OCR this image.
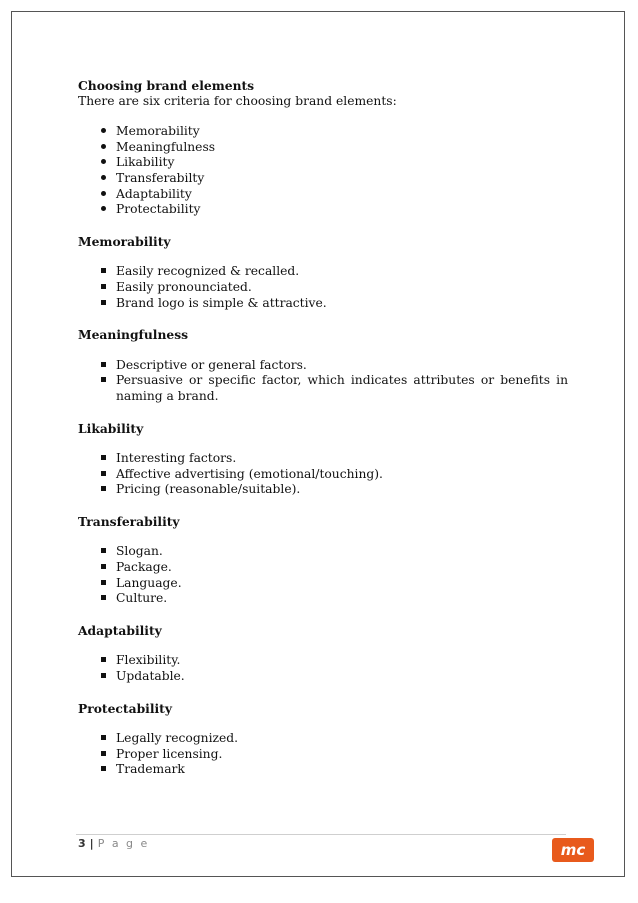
Choosing brand elements

There are six criteria for choosing brand elements:

Memorability
Meaningfulness
Likability
Transferabilty
Adaptability
Protectability

Memorability

Easily recognized & recalled.
Easily pronounciated.
Brand logo is simple & attractive.

Meaningfulness

Descriptive or general factors.
Persuasive or specific factor, which indicates attributes or benefits in naming a brand.

Likability

Interesting factors.
Affective advertising (emotional/touching).
Pricing (reasonable/suitable).

Transferability

Slogan.
Package.
Language.
Culture.

Adaptability

Flexibility.
Updatable.

Protectability

Legally recognized.
Proper licensing.
Trademark
3 | P a g e	mc
